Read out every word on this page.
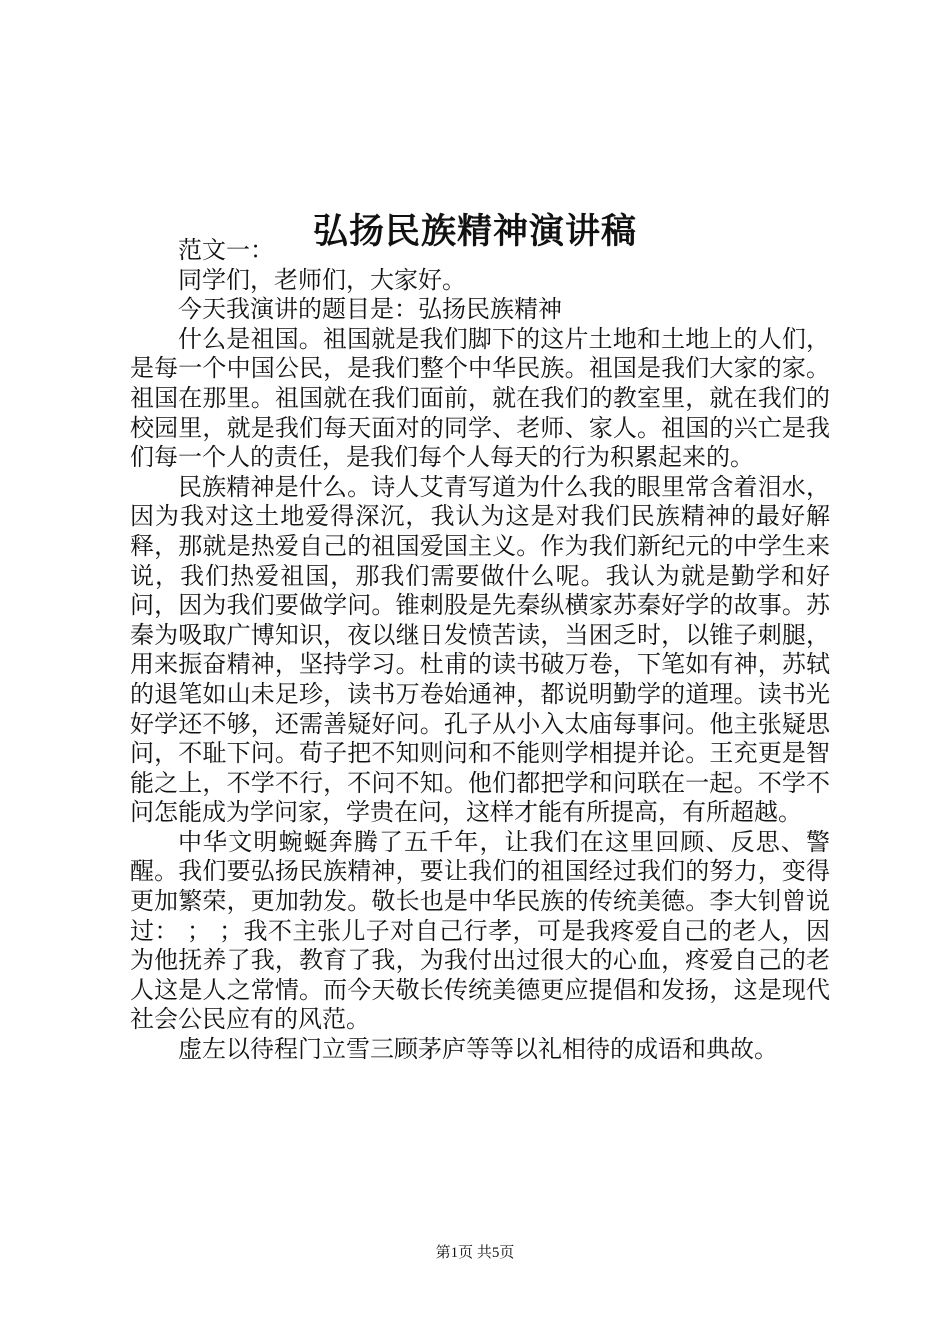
弘扬民族精神演讲稿

范文一：

同学们，老师们，大家好。

今天我演讲的题目是：弘扬民族精神

什么是祖国。祖国就是我们脚下的这片土地和土地上的人们，是每一个中国公民，是我们整个中华民族。祖国是我们大家的家。祖国在那里。祖国就在我们面前，就在我们的教室里，就在我们的校园里，就是我们每天面对的同学、老师、家人。祖国的兴亡是我们每一个人的责任，是我们每个人每天的行为积累起来的。

民族精神是什么。诗人艾青写道为什么我的眼里常含着泪水，因为我对这土地爱得深沉，我认为这是对我们民族精神的最好解释，那就是热爱自己的祖国爱国主义。作为我们新纪元的中学生来说，我们热爱祖国，那我们需要做什么呢。我认为就是勤学和好问，因为我们要做学问。锥刺股是先秦纵横家苏秦好学的故事。苏秦为吸取广博知识，夜以继日发愤苦读，当困乏时，以锥子刺腿，用来振奋精神，坚持学习。杜甫的读书破万卷，下笔如有神，苏轼的退笔如山未足珍，读书万卷始通神，都说明勤学的道理。读书光好学还不够，还需善疑好问。孔子从小入太庙每事问。他主张疑思问，不耻下问。荀子把不知则问和不能则学相提并论。王充更是智能之上，不学不行，不问不知。他们都把学和问联在一起。不学不问怎能成为学问家，学贵在问，这样才能有所提高，有所超越。

中华文明蜿蜒奔腾了五千年，让我们在这里回顾、反思、警醒。我们要弘扬民族精神，要让我们的祖国经过我们的努力，变得更加繁荣，更加勃发。敬长也是中华民族的传统美德。李大钊曾说过： ； ；我不主张儿子对自己行孝，可是我疼爱自己的老人，因为他抚养了我，教育了我，为我付出过很大的心血，疼爱自己的老人这是人之常情。而今天敬长传统美德更应提倡和发扬，这是现代社会公民应有的风范。

虚左以待程门立雪三顾茅庐等等以礼相待的成语和典故。

第1页 共5页
